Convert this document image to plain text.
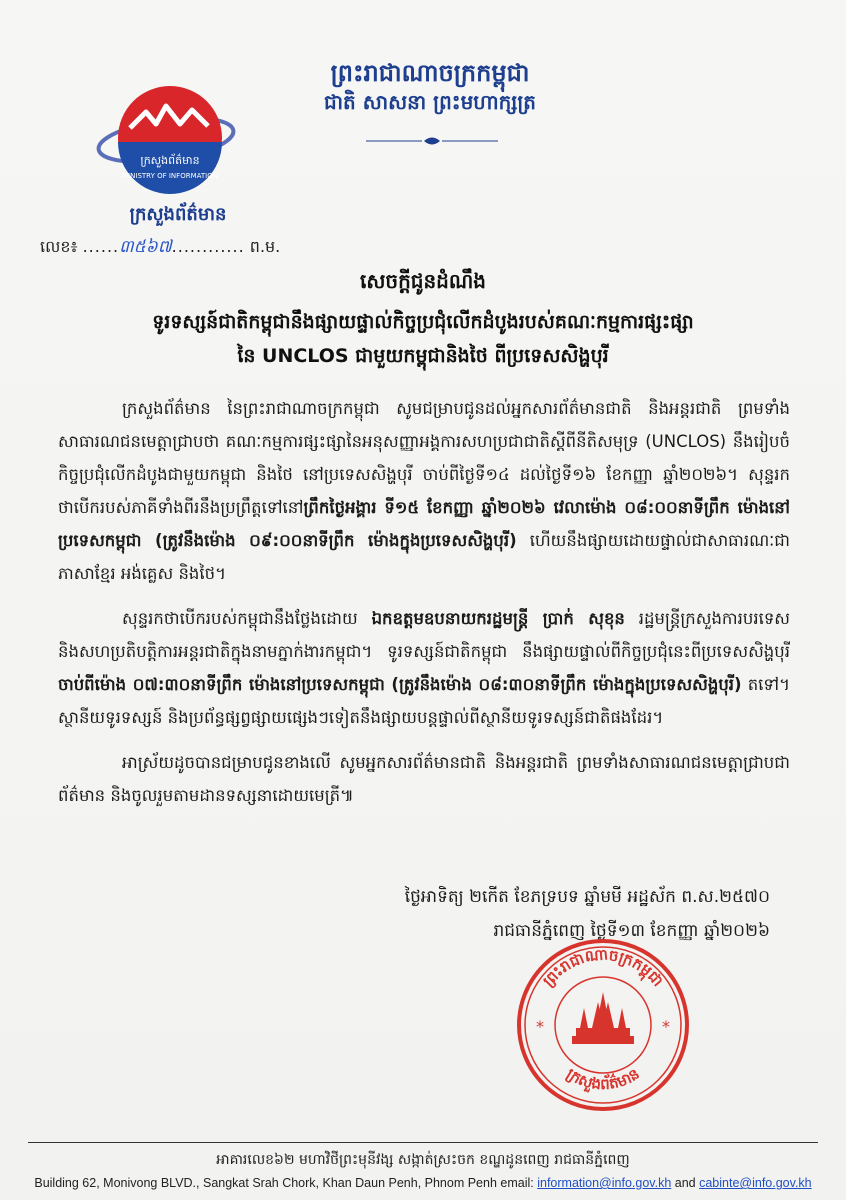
ក្រសួងព័ត៌មាន
MINISTRY OF INFORMATION
ព្រះរាជាណាចក្រកម្ពុជា
ជាតិ សាសនា ព្រះមហាក្សត្រ
ក្រសួងព័ត៌មាន
លេខ៖ ......៣៥៦៧............ ព.ម.
សេចក្តីជូនដំណឹង
ទូរទស្សន៍ជាតិកម្ពុជានឹងផ្សាយផ្ទាល់កិច្ចប្រជុំលើកដំបូងរបស់គណៈកម្មការផ្សះផ្សា
នៃ UNCLOS ជាមួយកម្ពុជានិងថៃ ពីប្រទេសសិង្ហបុរី

ក្រសួងព័ត៌មាន នៃព្រះរាជាណាចក្រកម្ពុជា សូមជម្រាបជូនដល់អ្នកសារព័ត៌មានជាតិ និងអន្តរជាតិ ព្រមទាំងសាធារណជនមេត្តាជ្រាបថា គណៈកម្មការផ្សះផ្សានៃអនុសញ្ញាអង្គការសហប្រជាជាតិស្តីពីនីតិសមុទ្រ (UNCLOS) នឹងរៀបចំកិច្ចប្រជុំលើកដំបូងជាមួយកម្ពុជា និងថៃ នៅប្រទេសសិង្ហបុរី ចាប់ពីថ្ងៃទី១៤ ដល់ថ្ងៃទី១៦ ខែកញ្ញា ឆ្នាំ២០២៦។ សុន្ទរកថាបើករបស់ភាគីទាំងពីរនឹងប្រព្រឹត្តទៅនៅព្រឹកថ្ងៃអង្គារ ទី១៥ ខែកញ្ញា ឆ្នាំ២០២៦ វេលាម៉ោង ០៨:០០នាទីព្រឹក ម៉ោងនៅប្រទេសកម្ពុជា (ត្រូវនឹងម៉ោង ០៩:០០នាទីព្រឹក ម៉ោងក្នុងប្រទេសសិង្ហបុរី) ហើយនឹងផ្សាយដោយផ្ទាល់ជាសាធារណៈជាភាសាខ្មែរ អង់គ្លេស និងថៃ។

សុន្ទរកថាបើករបស់កម្ពុជានឹងថ្លែងដោយ ឯកឧត្តមឧបនាយករដ្ឋមន្ត្រី ប្រាក់ សុខុន រដ្ឋមន្ត្រីក្រសួងការបរទេសនិងសហប្រតិបត្តិការអន្តរជាតិក្នុងនាមភ្នាក់ងារកម្ពុជា។ ទូរទស្សន៍ជាតិកម្ពុជា នឹងផ្សាយផ្ទាល់ពីកិច្ចប្រជុំនេះពីប្រទេសសិង្ហបុរី ចាប់ពីម៉ោង ០៧:៣០នាទីព្រឹក ម៉ោងនៅប្រទេសកម្ពុជា (ត្រូវនឹងម៉ោង ០៨:៣០នាទីព្រឹក ម៉ោងក្នុងប្រទេសសិង្ហបុរី) តទៅ។ ស្ថានីយទូរទស្សន៍ និងប្រព័ន្ធផ្សព្វផ្សាយផ្សេងៗទៀតនឹងផ្សាយបន្តផ្ទាល់ពីស្ថានីយទូរទស្សន៍ជាតិផងដែរ។

អាស្រ័យដូចបានជម្រាបជូនខាងលើ សូមអ្នកសារព័ត៌មានជាតិ និងអន្តរជាតិ ព្រមទាំងសាធារណជនមេត្តាជ្រាបជាព័ត៌មាន និងចូលរួមតាមដានទស្សនាដោយមេត្រី៕

ថ្ងៃអាទិត្យ ២កើត ខែភទ្របទ ឆ្នាំមមី អដ្ឋស័ក ព.ស.២៥៧០
រាជធានីភ្នំពេញ ថ្ងៃទី១៣ ខែកញ្ញា ឆ្នាំ២០២៦
ព្រះរាជាណាចក្រកម្ពុជា
ក្រសួងព័ត៌មាន
*	*
អាគារលេខ៦២ មហាវិថីព្រះមុនីវង្ស សង្កាត់ស្រះចក ខណ្ឌដូនពេញ រាជធានីភ្នំពេញ
Building 62, Monivong BLVD., Sangkat Srah Chork, Khan Daun Penh, Phnom Penh email: information@info.gov.kh and cabinte@info.gov.kh
